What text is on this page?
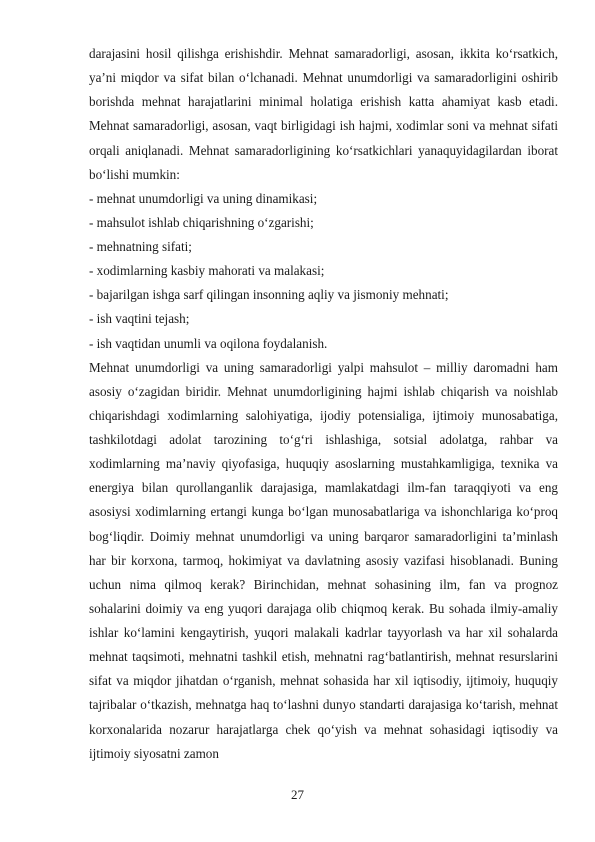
darajasini hosil qilishga erishishdir. Mehnat samaradorligi, asosan, ikkita ko‘rsatkich, ya’ni miqdor va sifat bilan o‘lchanadi. Mehnat unumdorligi va samaradorligini oshirib borishda mehnat harajatlarini minimal holatiga erishish katta ahamiyat kasb etadi. Mehnat samaradorligi, asosan, vaqt birligidagi ish hajmi, xodimlar soni va mehnat sifati orqali aniqlanadi. Mehnat samaradorligining ko‘rsatkichlari yanaquyidagilardan iborat bo‘lishi mumkin:

- mehnat unumdorligi va uning dinamikasi;
- mahsulot ishlab chiqarishning o‘zgarishi;
- mehnatning sifati;
- xodimlarning kasbiy mahorati va malakasi;
- bajarilgan ishga sarf qilingan insonning aqliy va jismoniy mehnati;
- ish vaqtini tejash;
- ish vaqtidan unumli va oqilona foydalanish.

Mehnat unumdorligi va uning samaradorligi yalpi mahsulot – milliy daromadni ham asosiy o‘zagidan biridir. Mehnat unumdorligining hajmi ishlab chiqarish va noishlab chiqarishdagi xodimlarning salohiyatiga, ijodiy potensialiga, ijtimoiy munosabatiga, tashkilotdagi adolat tarozining to‘g‘ri ishlashiga, sotsial adolatga, rahbar va xodimlarning ma’naviy qiyofasiga, huquqiy asoslarning mustahkamligiga, texnika va energiya bilan qurollanganlik darajasiga, mamlakatdagi ilm-fan taraqqiyoti va eng asosiysi xodimlarning ertangi kunga bo‘lgan munosabatlariga va ishonchlariga ko‘proq bog‘liqdir. Doimiy mehnat unumdorligi va uning barqaror samaradorligini ta’minlash har bir korxona, tarmoq, hokimiyat va davlatning asosiy vazifasi hisoblanadi. Buning uchun nima qilmoq kerak? Birinchidan, mehnat sohasining ilm, fan va prognoz sohalarini doimiy va eng yuqori darajaga olib chiqmoq kerak. Bu sohada ilmiy-amaliy ishlar ko‘lamini kengaytirish, yuqori malakali kadrlar tayyorlash va har xil sohalarda mehnat taqsimoti, mehnatni tashkil etish, mehnatni rag‘batlantirish, mehnat resurslarini sifat va miqdor jihatdan o‘rganish, mehnat sohasida har xil iqtisodiy, ijtimoiy, huquqiy tajribalar o‘tkazish, mehnatga haq to‘lashni dunyo standarti darajasiga ko‘tarish, mehnat korxonalarida nozarur harajatlarga chek qo‘yish va mehnat sohasidagi iqtisodiy va ijtimoiy siyosatni zamon

27
